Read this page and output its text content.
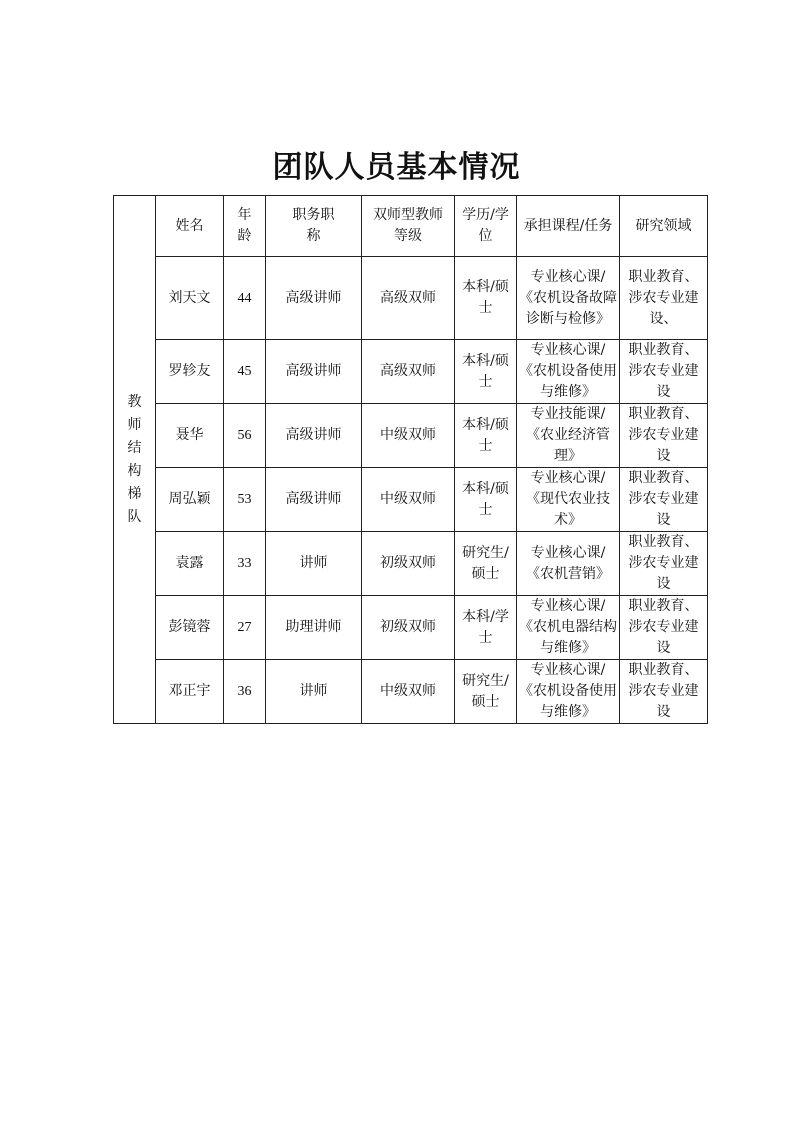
团队人员基本情况
教师结构梯队	姓名	年龄	职务职称	双师型教师等级	学历/学位	承担课程/任务	研究领域
	刘天文	44	高级讲师	高级双师	本科/硕士	专业核心课/《农机设备故障诊断与检修》	职业教育、涉农专业建设、
	罗轸友	45	高级讲师	高级双师	本科/硕士	专业核心课/《农机设备使用与维修》	职业教育、涉农专业建设
	聂华	56	高级讲师	中级双师	本科/硕士	专业技能课/《农业经济管理》	职业教育、涉农专业建设
	周弘颖	53	高级讲师	中级双师	本科/硕士	专业核心课/《现代农业技术》	职业教育、涉农专业建设
	袁露	33	讲师	初级双师	研究生/硕士	专业核心课/《农机营销》	职业教育、涉农专业建设
	彭镜蓉	27	助理讲师	初级双师	本科/学士	专业核心课/《农机电器结构与维修》	职业教育、涉农专业建设
	邓正宇	36	讲师	中级双师	研究生/硕士	专业核心课/《农机设备使用与维修》	职业教育、涉农专业建设
